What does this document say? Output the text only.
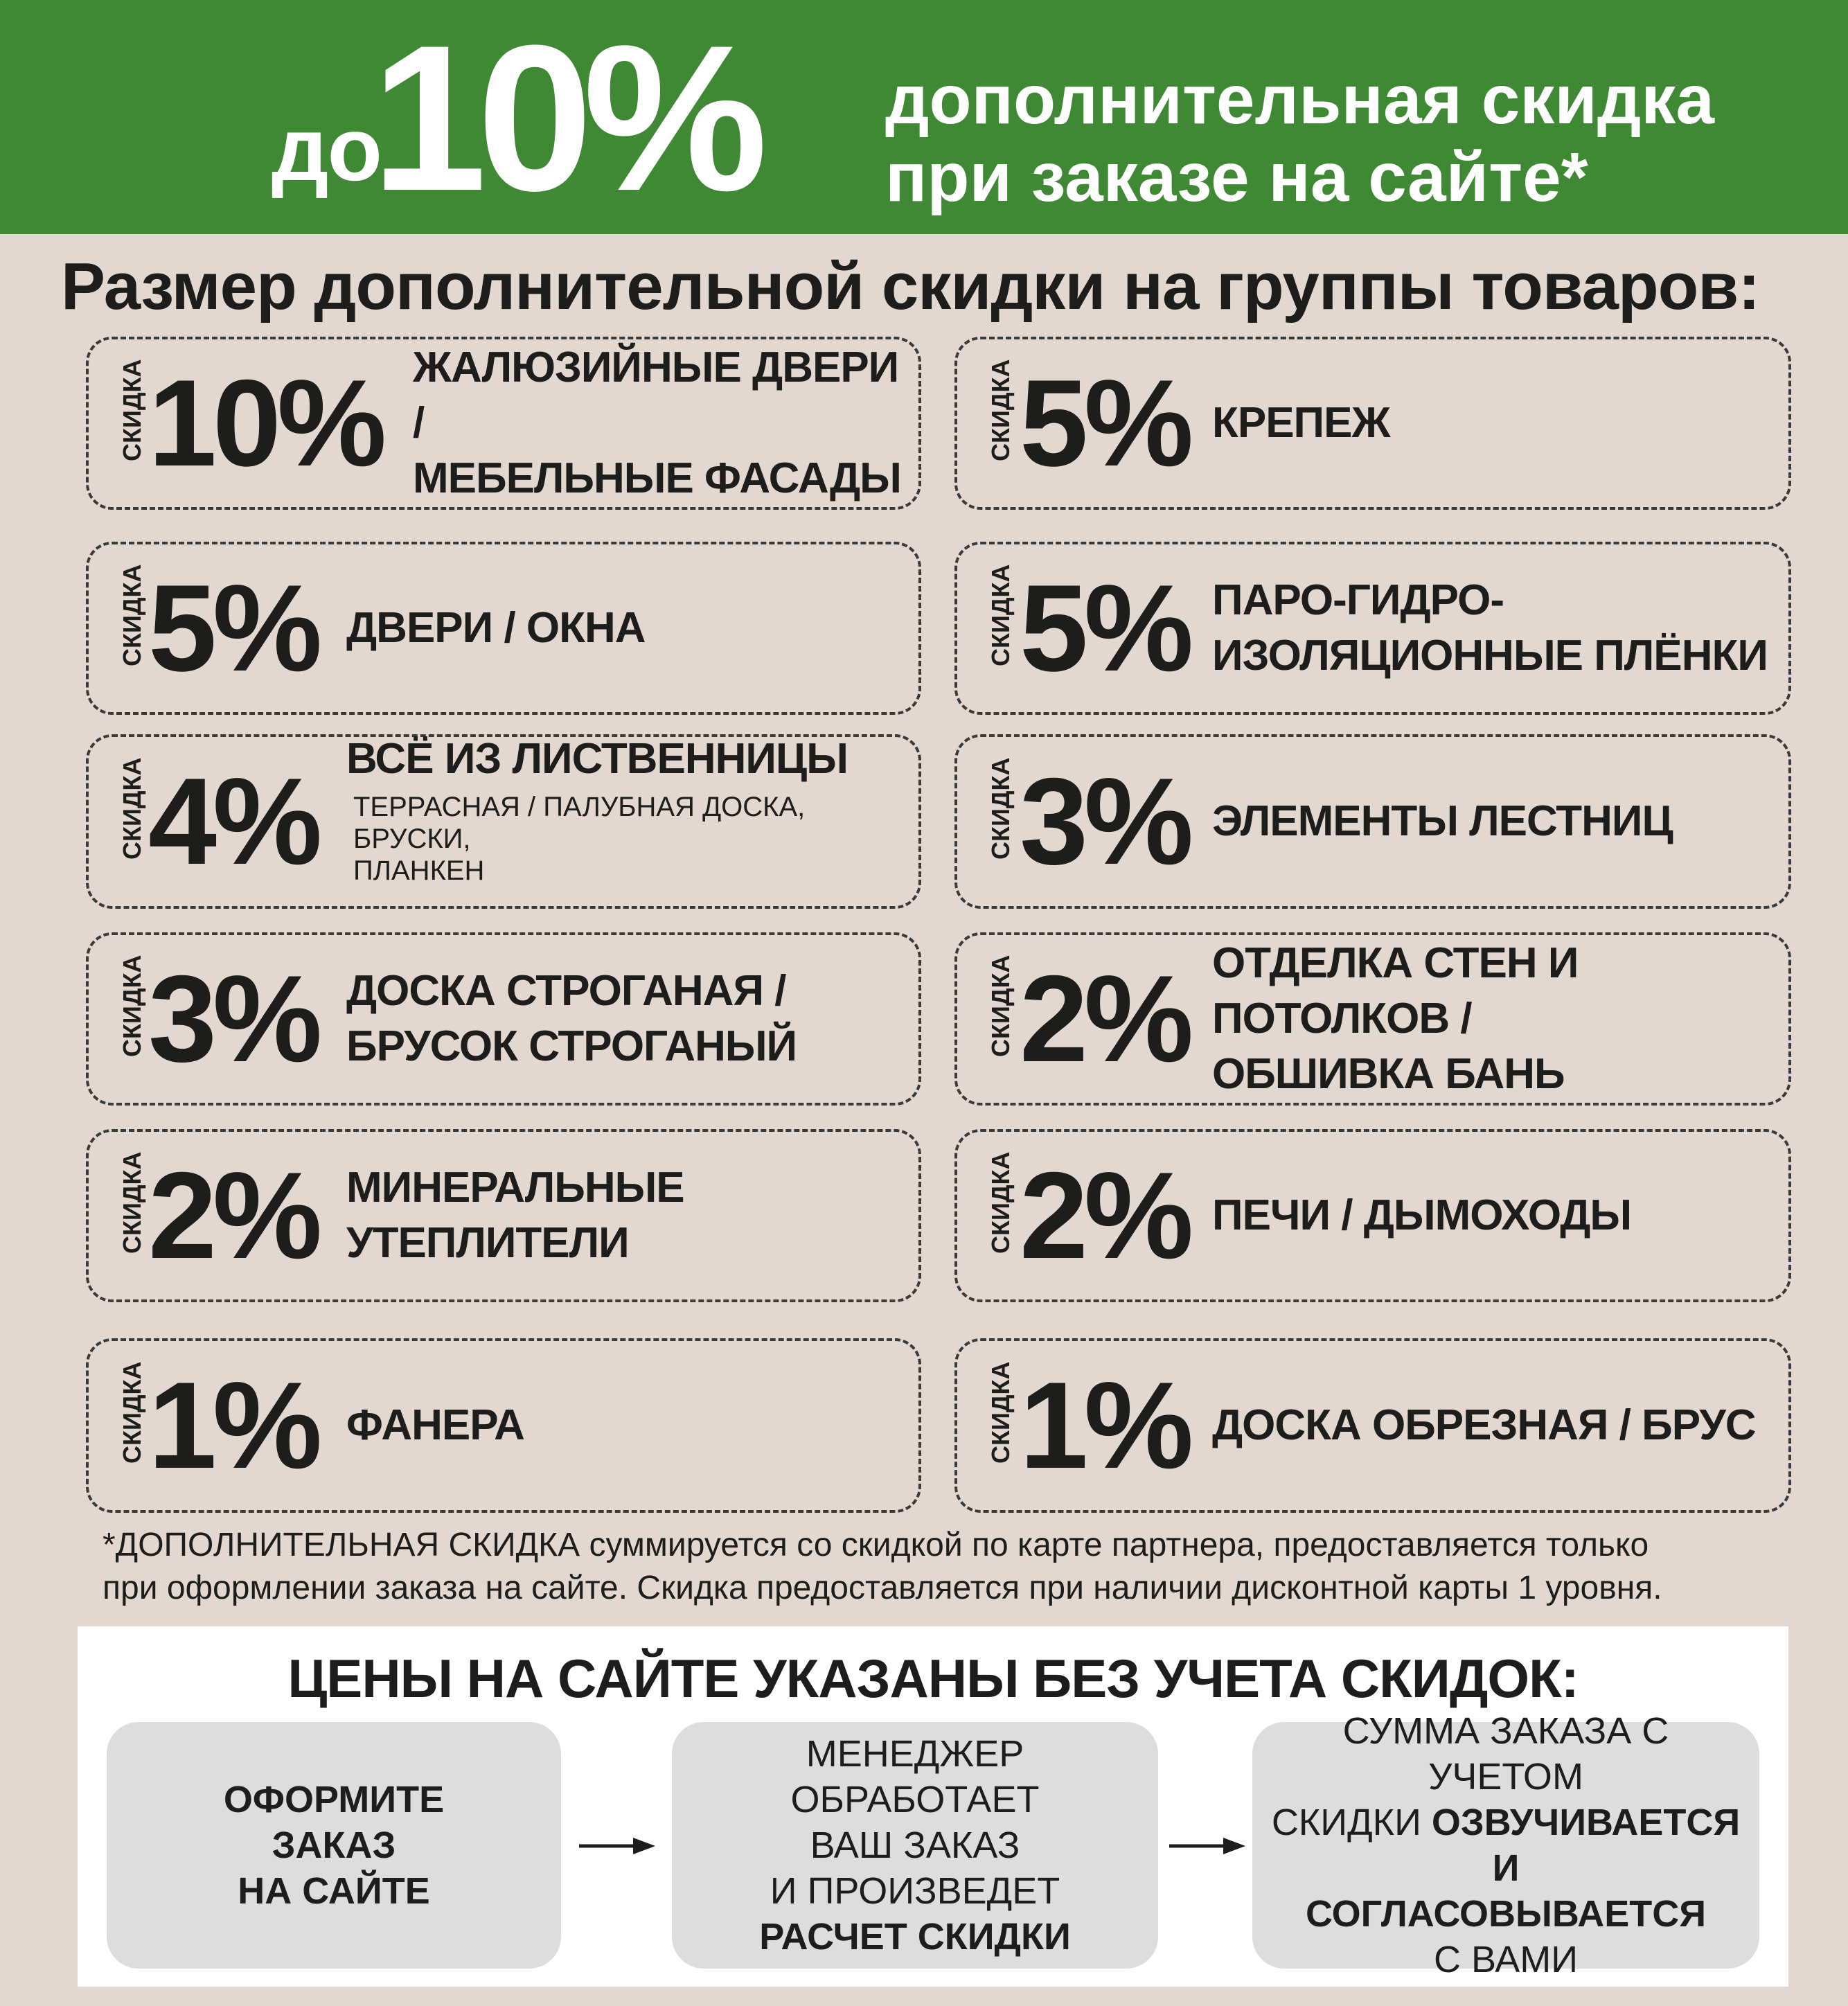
до
10% дополнительная скидка
при заказе на сайте*
Размер дополнительной скидки на группы товаров:
СКИДКА 10% ЖАЛЮЗИЙНЫЕ ДВЕРИ /
МЕБЕЛЬНЫЕ ФАСАДЫ
СКИДКА 5% ДВЕРИ / ОКНА
СКИДКА 4% ВСЁ ИЗ ЛИСТВЕННИЦЫ
ТЕРРАСНАЯ / ПАЛУБНАЯ ДОСКА, БРУСКИ,
ПЛАНКЕН
СКИДКА 3% ДОСКА СТРОГАНАЯ /
БРУСОК СТРОГАНЫЙ
СКИДКА 2% МИНЕРАЛЬНЫЕ
УТЕПЛИТЕЛИ
СКИДКА 1% ФАНЕРА
СКИДКА 5% КРЕПЕЖ
СКИДКА 5% ПАРО-ГИДРО-
ИЗОЛЯЦИОННЫЕ ПЛЁНКИ
СКИДКА 3% ЭЛЕМЕНТЫ ЛЕСТНИЦ
СКИДКА 2% ОТДЕЛКА СТЕН И ПОТОЛКОВ /
ОБШИВКА БАНЬ
СКИДКА 2% ПЕЧИ / ДЫМОХОДЫ
СКИДКА 1% ДОСКА ОБРЕЗНАЯ / БРУС
*ДОПОЛНИТЕЛЬНАЯ СКИДКА суммируется со скидкой по карте партнера, предоставляется только
при оформлении заказа на сайте. Скидка предоставляется при наличии дисконтной карты 1 уровня.
ЦЕНЫ НА САЙТЕ УКАЗАНЫ БЕЗ УЧЕТА СКИДОК:
ОФОРМИТЕ
ЗАКАЗ
НА САЙТЕ
МЕНЕДЖЕР ОБРАБОТАЕТ
ВАШ ЗАКАЗ
И ПРОИЗВЕДЕТ
РАСЧЕТ СКИДКИ
СУММА ЗАКАЗА С УЧЕТОМ
СКИДКИ ОЗВУЧИВАЕТСЯ И
СОГЛАСОВЫВАЕТСЯ
С ВАМИ
